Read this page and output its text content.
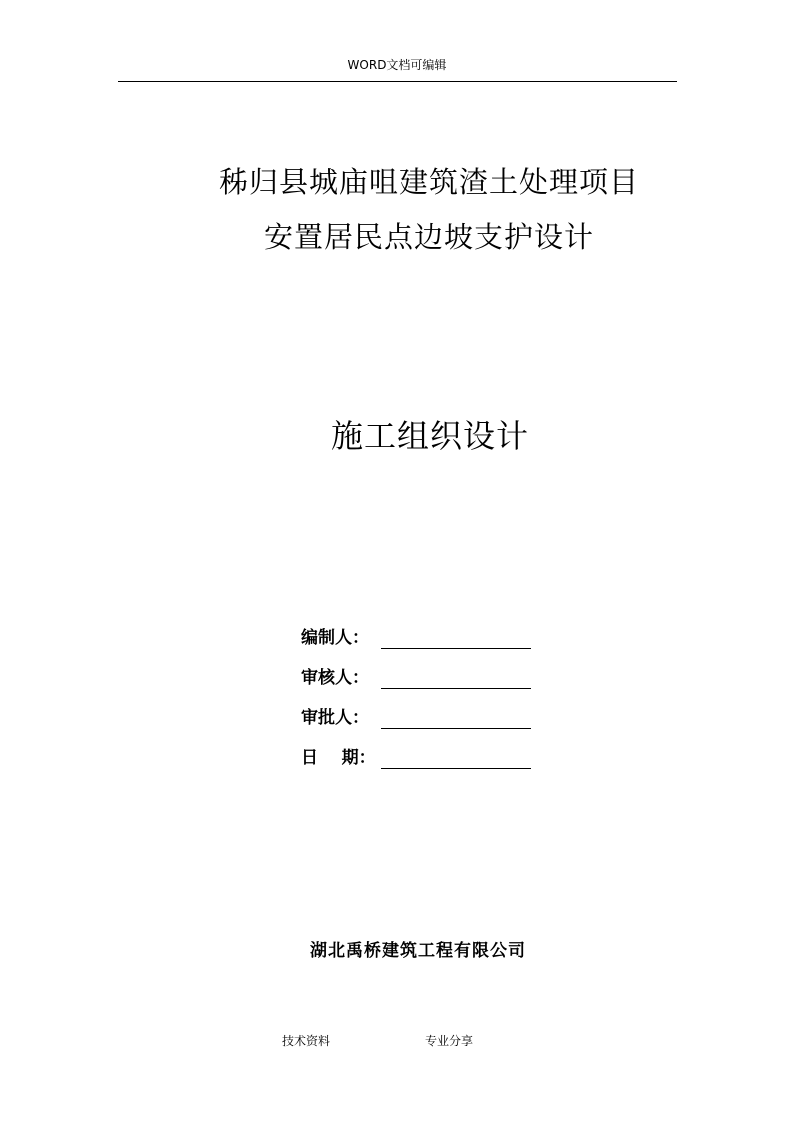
WORD文档可编辑
秭归县城庙咀建筑渣土处理项目
安置居民点边坡支护设计
施工组织设计
编制人：
审核人：
审批人：
日    期：
湖北禹桥建筑工程有限公司
技术资料	专业分享
